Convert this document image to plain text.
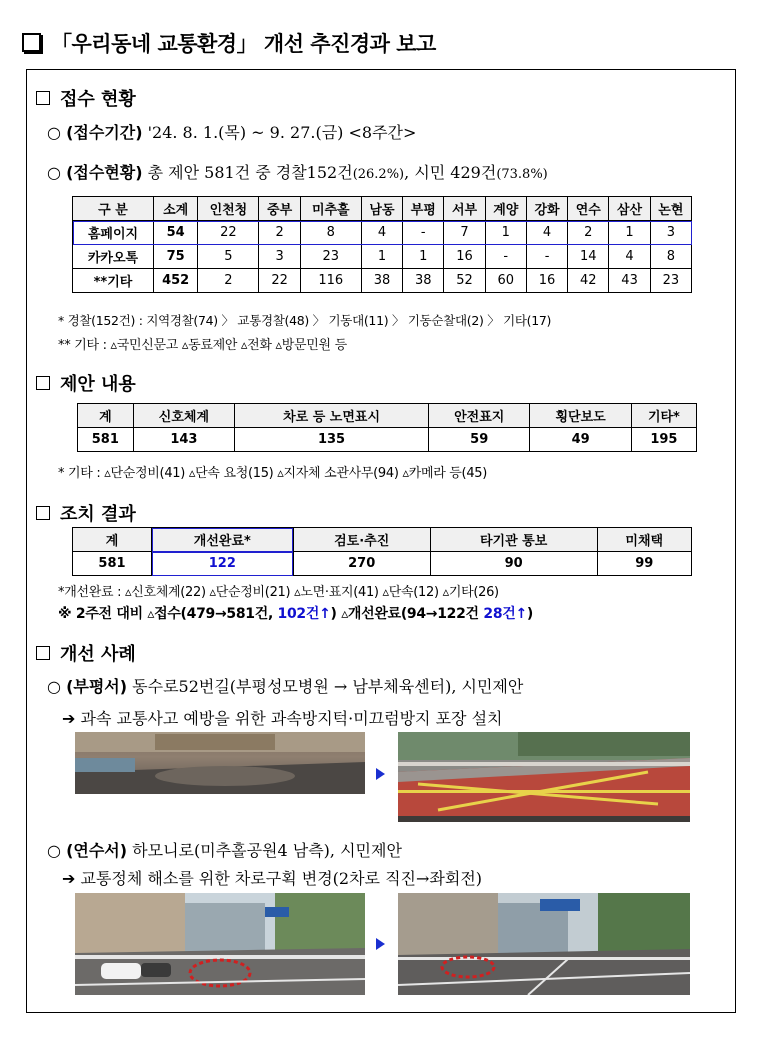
「우리동네 교통환경」 개선 추진경과 보고
접수 현황
○ (접수기간) '24. 8. 1.(목) ~ 9. 27.(금) <8주간>
○ (접수현황) 총 제안 581건 중 경찰152건(26.2%), 시민 429건(73.8%)
구 분	소계	인천청	중부	미추홀	남동	부평	서부	계양	강화	연수	삼산	논현
홈페이지	54	22	2	8	4	-	7	1	4	2	1	3
카카오톡	75	5	3	23	1	1	16	-	-	14	4	8
**기타	452	2	22	116	38	38	52	60	16	42	43	23
* 경찰(152건) : 지역경찰(74) 〉 교통경찰(48) 〉 기동대(11) 〉 기동순찰대(2) 〉 기타(17)
** 기타 : ▵국민신문고 ▵동료제안 ▵전화 ▵방문민원 등
제안 내용
계	신호체계	차로 등 노면표시	안전표지	횡단보도	기타*
581	143	135	59	49	195
* 기타 : ▵단순정비(41) ▵단속 요청(15) ▵지자체 소관사무(94) ▵카메라 등(45)
조치 결과
계	개선완료*	검토·추진	타기관 통보	미채택
581	122	270	90	99
*개선완료 : ▵신호체계(22) ▵단순정비(21) ▵노면·표지(41) ▵단속(12) ▵기타(26)
※ 2주전 대비 ▵접수(479→581건, 102건↑) ▵개선완료(94→122건 28건↑)
개선 사례
○ (부평서) 동수로52번길(부평성모병원 → 남부체육센터), 시민제안
➔ 과속 교통사고 예방을 위한 과속방지턱·미끄럼방지 포장 설치
○ (연수서) 하모니로(미추홀공원4 남측), 시민제안
➔ 교통정체 해소를 위한 차로구획 변경(2차로 직진→좌회전)
